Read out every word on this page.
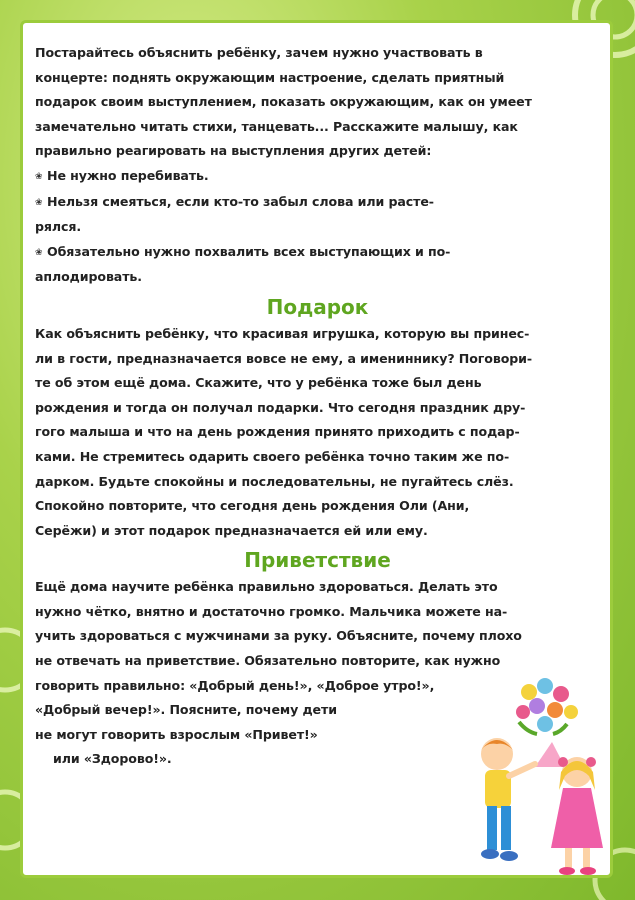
Постарайтесь объяснить ребёнку, зачем нужно участвовать в
концерте: поднять окружающим настроение, сделать приятный
подарок своим выступлением, показать окружающим, как он умеет
замечательно читать стихи, танцевать... Расскажите малышу, как
правильно реагировать на выступления других детей:
❀ Не нужно перебивать.
❀ Нельзя смеяться, если кто-то забыл слова или расте-
рялся.
❀ Обязательно нужно похвалить всех выступающих и по-
аплодировать.
Подарок
Как объяснить ребёнку, что красивая игрушка, которую вы принес-
ли в гости, предназначается вовсе не ему, а имениннику? Поговори-
те об этом ещё дома. Скажите, что у ребёнка тоже был день
рождения и тогда он получал подарки. Что сегодня праздник дру-
гого малыша и что на день рождения принято приходить с подар-
ками. Не стремитесь одарить своего ребёнка точно таким же по-
дарком. Будьте спокойны и последовательны, не пугайтесь слёз.
Спокойно повторите, что сегодня день рождения Оли (Ани,
Серёжи) и этот подарок предназначается ей или ему.
Приветствие
Ещё дома научите ребёнка правильно здороваться. Делать это
нужно чётко, внятно и достаточно громко. Мальчика можете на-
учить здороваться с мужчинами за руку. Объясните, почему плохо
не отвечать на приветствие. Обязательно повторите, как нужно
говорить правильно: «Добрый день!», «Доброе утро!»,
«Добрый вечер!». Поясните, почему дети
не могут говорить взрослым «Привет!»
или «Здорово!».
